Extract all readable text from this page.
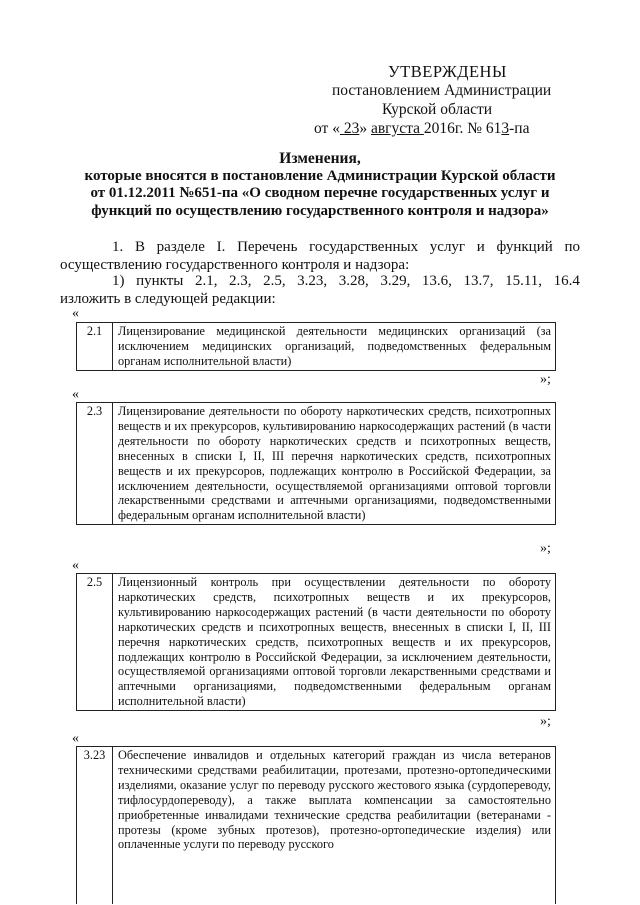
УТВЕРЖДЕНЫ
постановлением Администрации
Курской области
от « 23» августа 2016г. № 613-па
Изменения,
которые вносятся в постановление Администрации Курской области
от 01.12.2011 №651-па «О сводном перечне государственных услуг и
функций по осуществлению государственного контроля и надзора»
1. В разделе I. Перечень государственных услуг и функций по осуществлению государственного контроля и надзора:
1) пункты 2.1, 2.3, 2.5, 3.23, 3.28, 3.29, 13.6, 13.7, 15.11, 16.4
изложить в следующей редакции:
«
2.1	Лицензирование медицинской деятельности медицинских организаций (за исключением медицинских организаций, подведомственных федеральным органам исполнительной власти)
»;
«
2.3	Лицензирование деятельности по обороту наркотических средств, психотропных веществ и их прекурсоров, культивированию наркосодержащих растений (в части деятельности по обороту наркотических средств и психотропных веществ, внесенных в списки I, II, III перечня наркотических средств, психотропных веществ и их прекурсоров, подлежащих контролю в Российской Федерации, за исключением деятельности, осуществляемой организациями оптовой торговли лекарственными средствами и аптечными организациями, подведомственными федеральным органам исполнительной власти)
»;
«
2.5	Лицензионный контроль при осуществлении деятельности по обороту наркотических средств, психотропных веществ и их прекурсоров, культивированию наркосодержащих растений (в части деятельности по обороту наркотических средств и психотропных веществ, внесенных в списки I, II, III перечня наркотических средств, психотропных веществ и их прекурсоров, подлежащих контролю в Российской Федерации, за исключением деятельности, осуществляемой организациями оптовой торговли лекарственными средствами и аптечными организациями, подведомственными федеральным органам исполнительной власти)
»;
«
3.23	Обеспечение инвалидов и отдельных категорий граждан из числа ветеранов техническими средствами реабилитации, протезами, протезно-ортопедическими изделиями, оказание услуг по переводу русского жестового языка (сурдопереводу, тифлосурдопереводу), а также выплата компенсации за самостоятельно приобретенные инвалидами технические средства реабилитации (ветеранами - протезы (кроме зубных протезов), протезно-ортопедические изделия) или оплаченные услуги по переводу русского
